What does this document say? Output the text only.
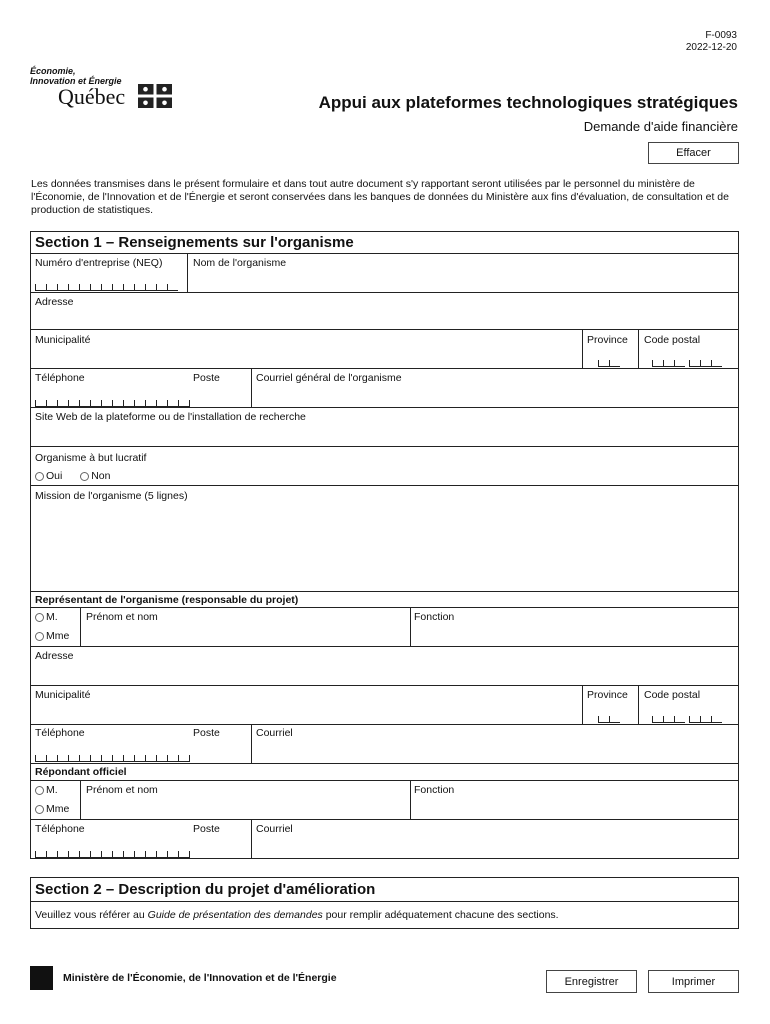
F-0093
2022-12-20
Économie,
Innovation et Énergie
Québec	Appui aux plateformes technologiques stratégiques
Demande d'aide financière
Effacer
Les données transmises dans le présent formulaire et dans tout autre document s'y rapportant seront utilisées par le personnel du ministère de l'Économie, de l'Innovation et de l'Énergie et seront conservées dans les banques de données du Ministère aux fins d'évaluation, de consultation et de production de statistiques.
Section 1 – Renseignements sur l'organisme
Numéro d'entreprise (NEQ)	Nom de l'organisme
Adresse
Municipalité	Province Code postal
Téléphone	Poste	Courriel général de l'organisme
Site Web de la plateforme ou de l'installation de recherche
Organisme à but lucratif
Oui	Non
Mission de l'organisme (5 lignes)
Représentant de l'organisme (responsable du projet)
M.
Mme
Prénom et nom	Fonction
Adresse
Municipalité	Province Code postal
Téléphone	Poste	Courriel
Répondant officiel
M.
Mme
Prénom et nom	Fonction
Téléphone	Poste	Courriel
Section 2 – Description du projet d'amélioration
Veuillez vous référer au Guide de présentation des demandes pour remplir adéquatement chacune des sections.
Ministère de l'Économie, de l'Innovation et de l'Énergie	Enregistrer	Imprimer
